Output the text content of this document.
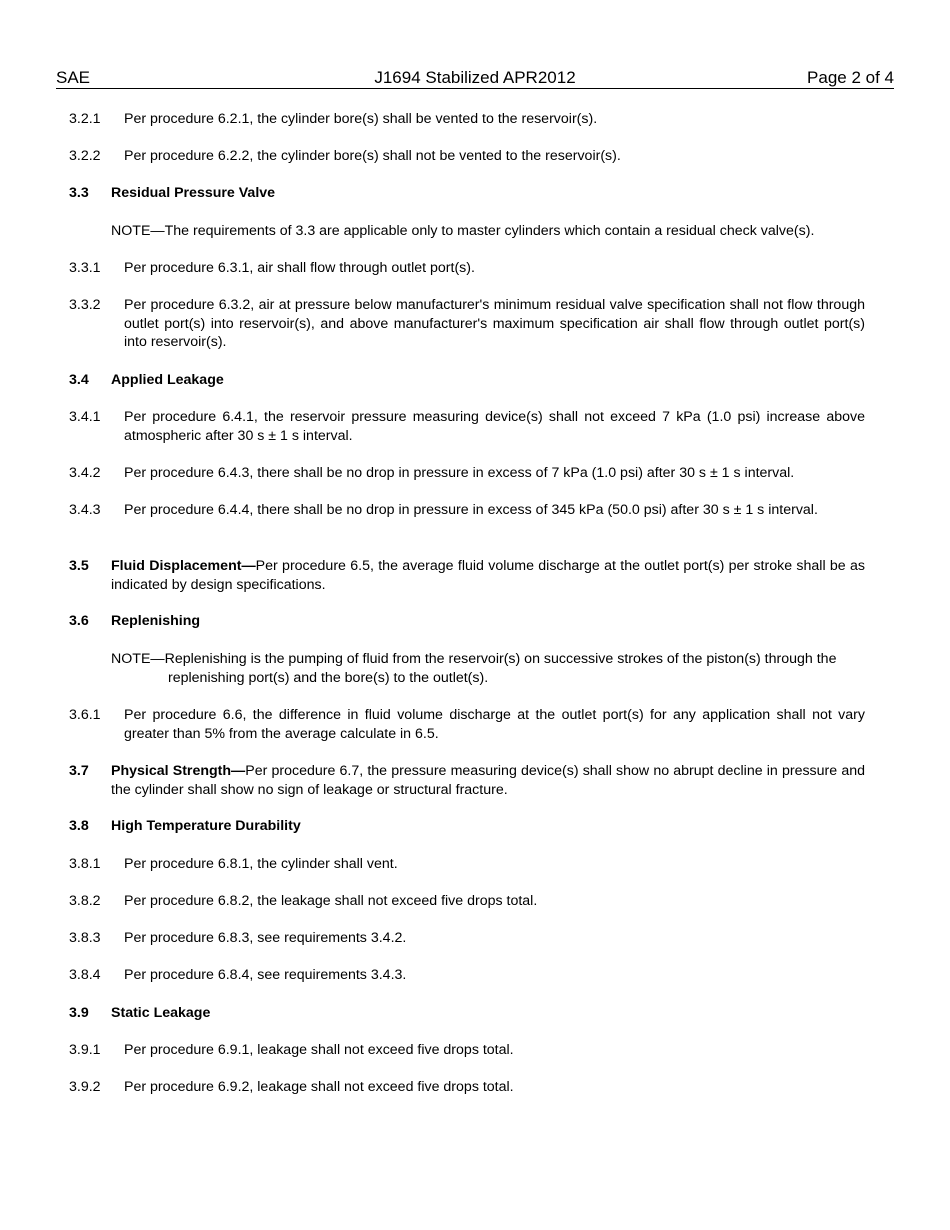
SAE	J1694 Stabilized APR2012	Page 2 of 4
3.2.1 Per procedure 6.2.1, the cylinder bore(s) shall be vented to the reservoir(s).
3.2.2 Per procedure 6.2.2, the cylinder bore(s) shall not be vented to the reservoir(s).
3.3 Residual Pressure Valve
NOTE—The requirements of 3.3 are applicable only to master cylinders which contain a residual check valve(s).
3.3.1 Per procedure 6.3.1, air shall flow through outlet port(s).
3.3.2 Per procedure 6.3.2, air at pressure below manufacturer's minimum residual valve specification shall not flow through outlet port(s) into reservoir(s), and above manufacturer's maximum specification air shall flow through outlet port(s) into reservoir(s).
3.4 Applied Leakage
3.4.1 Per procedure 6.4.1, the reservoir pressure measuring device(s) shall not exceed 7 kPa (1.0 psi) increase above atmospheric after 30 s ± 1 s interval.
3.4.2 Per procedure 6.4.3, there shall be no drop in pressure in excess of 7 kPa (1.0 psi) after 30 s ± 1 s interval.
3.4.3 Per procedure 6.4.4, there shall be no drop in pressure in excess of 345 kPa (50.0 psi) after 30 s ± 1 s interval.
3.5 Fluid Displacement—Per procedure 6.5, the average fluid volume discharge at the outlet port(s) per stroke shall be as indicated by design specifications.
3.6 Replenishing
NOTE—Replenishing is the pumping of fluid from the reservoir(s) on successive strokes of the piston(s) through the replenishing port(s) and the bore(s) to the outlet(s).
3.6.1 Per procedure 6.6, the difference in fluid volume discharge at the outlet port(s) for any application shall not vary greater than 5% from the average calculate in 6.5.
3.7 Physical Strength—Per procedure 6.7, the pressure measuring device(s) shall show no abrupt decline in pressure and the cylinder shall show no sign of leakage or structural fracture.
3.8 High Temperature Durability
3.8.1 Per procedure 6.8.1, the cylinder shall vent.
3.8.2 Per procedure 6.8.2, the leakage shall not exceed five drops total.
3.8.3 Per procedure 6.8.3, see requirements 3.4.2.
3.8.4 Per procedure 6.8.4, see requirements 3.4.3.
3.9 Static Leakage
3.9.1 Per procedure 6.9.1, leakage shall not exceed five drops total.
3.9.2 Per procedure 6.9.2, leakage shall not exceed five drops total.
